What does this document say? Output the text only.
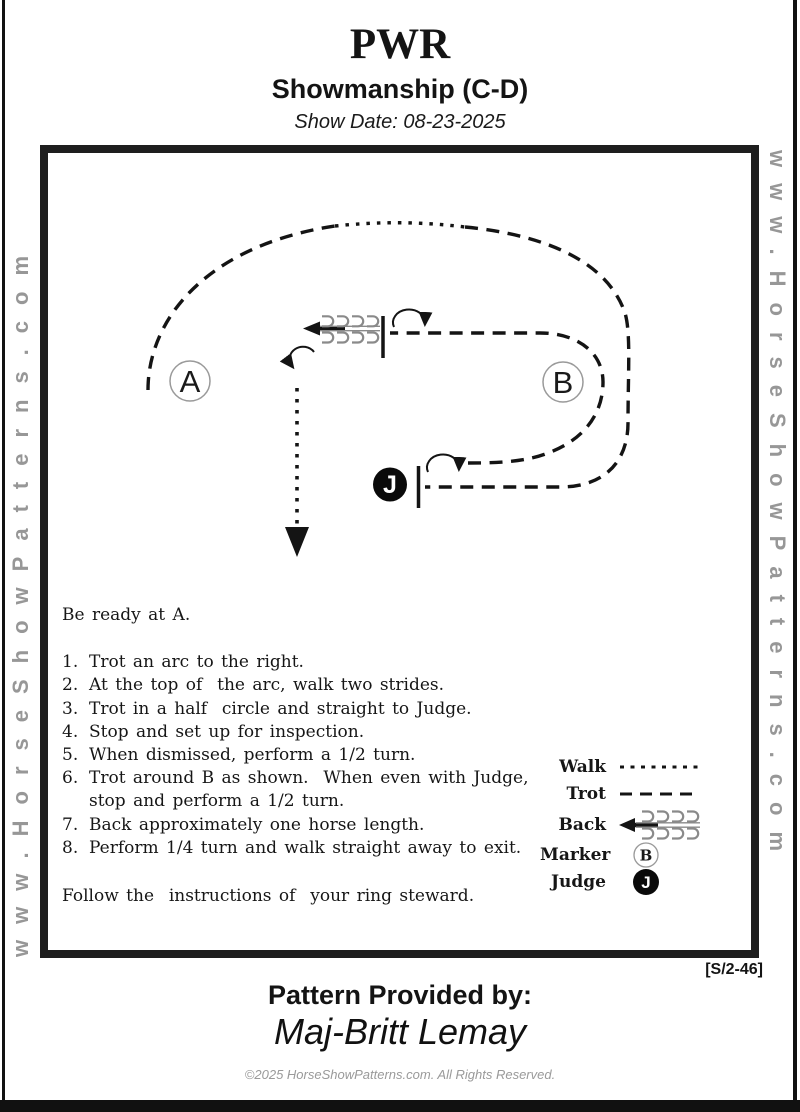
PWR
Showmanship (C-D)
Show Date: 08-23-2025
www.HorseShowPatterns.com	www.HorseShowPatterns.com
A	B
J

Be ready at A.

1. Trot an arc to the right.
2. At the top of  the arc, walk two strides.
3. Trot in a half  circle and straight to Judge.
4. Stop and set up for inspection.
5. When dismissed, perform a 1/2 turn.
6. Trot around B as shown.  When even with Judge, stop and perform a 1/2 turn.
7. Back approximately one horse length.
8. Perform 1/4 turn and walk straight away to exit.

Follow the  instructions of  your ring steward.

Walk
Trot
Back
Marker B
Judge J
[S/2-46]
Pattern Provided by:
Maj-Britt Lemay
©2025 HorseShowPatterns.com. All Rights Reserved.
